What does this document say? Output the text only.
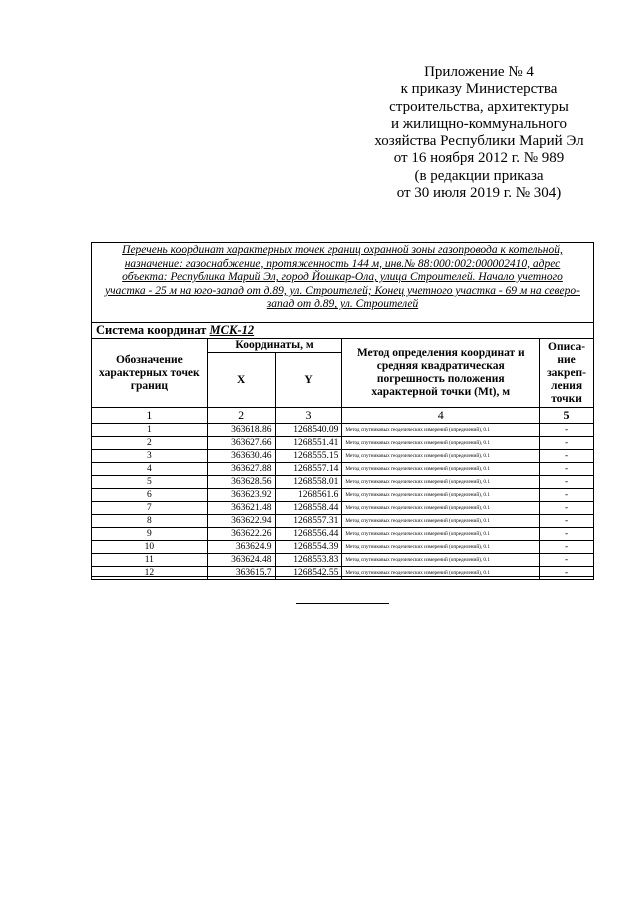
Приложение № 4
к приказу Министерства
строительства, архитектуры
и жилищно-коммунального
хозяйства Республики Марий Эл
от 16 ноября 2012 г. № 989
(в редакции приказа
от 30 июля 2019 г. № 304)
Перечень координат характерных точек границ охранной зоны газопровода к котельной,
назначение: газоснабжение, протяженность 144 м, инв.№ 88:000:002:000002410, адрес
объекта: Республика Марий Эл, город Йошкар-Ола, улица Строителей. Начало учетного
участка - 25 м на юго-запад от д.89, ул. Строителей; Конец учетного участка - 69 м на северо-
запад от д.89, ул. Строителей
Система координат МСК-12
Обозначение характерных точек границ	Координаты, м		Метод определения координат и средняя квадратическая погрешность положения характерной точки (Mt), м	Описа-ние закреп-ления точки
	X	Y		
1	2	3	4	5
1	363618.86	1268540.09	Метод спутниковых геодезических измерений (определений), 0.1	-
2	363627.66	1268551.41	Метод спутниковых геодезических измерений (определений), 0.1	-
3	363630.46	1268555.15	Метод спутниковых геодезических измерений (определений), 0.1	-
4	363627.88	1268557.14	Метод спутниковых геодезических измерений (определений), 0.1	-
5	363628.56	1268558.01	Метод спутниковых геодезических измерений (определений), 0.1	-
6	363623.92	1268561.6	Метод спутниковых геодезических измерений (определений), 0.1	-
7	363621.48	1268558.44	Метод спутниковых геодезических измерений (определений), 0.1	-
8	363622.94	1268557.31	Метод спутниковых геодезических измерений (определений), 0.1	-
9	363622.26	1268556.44	Метод спутниковых геодезических измерений (определений), 0.1	-
10	363624.9	1268554.39	Метод спутниковых геодезических измерений (определений), 0.1	-
11	363624.48	1268553.83	Метод спутниковых геодезических измерений (определений), 0.1	-
12	363615.7	1268542.55	Метод спутниковых геодезических измерений (определений), 0.1	-
